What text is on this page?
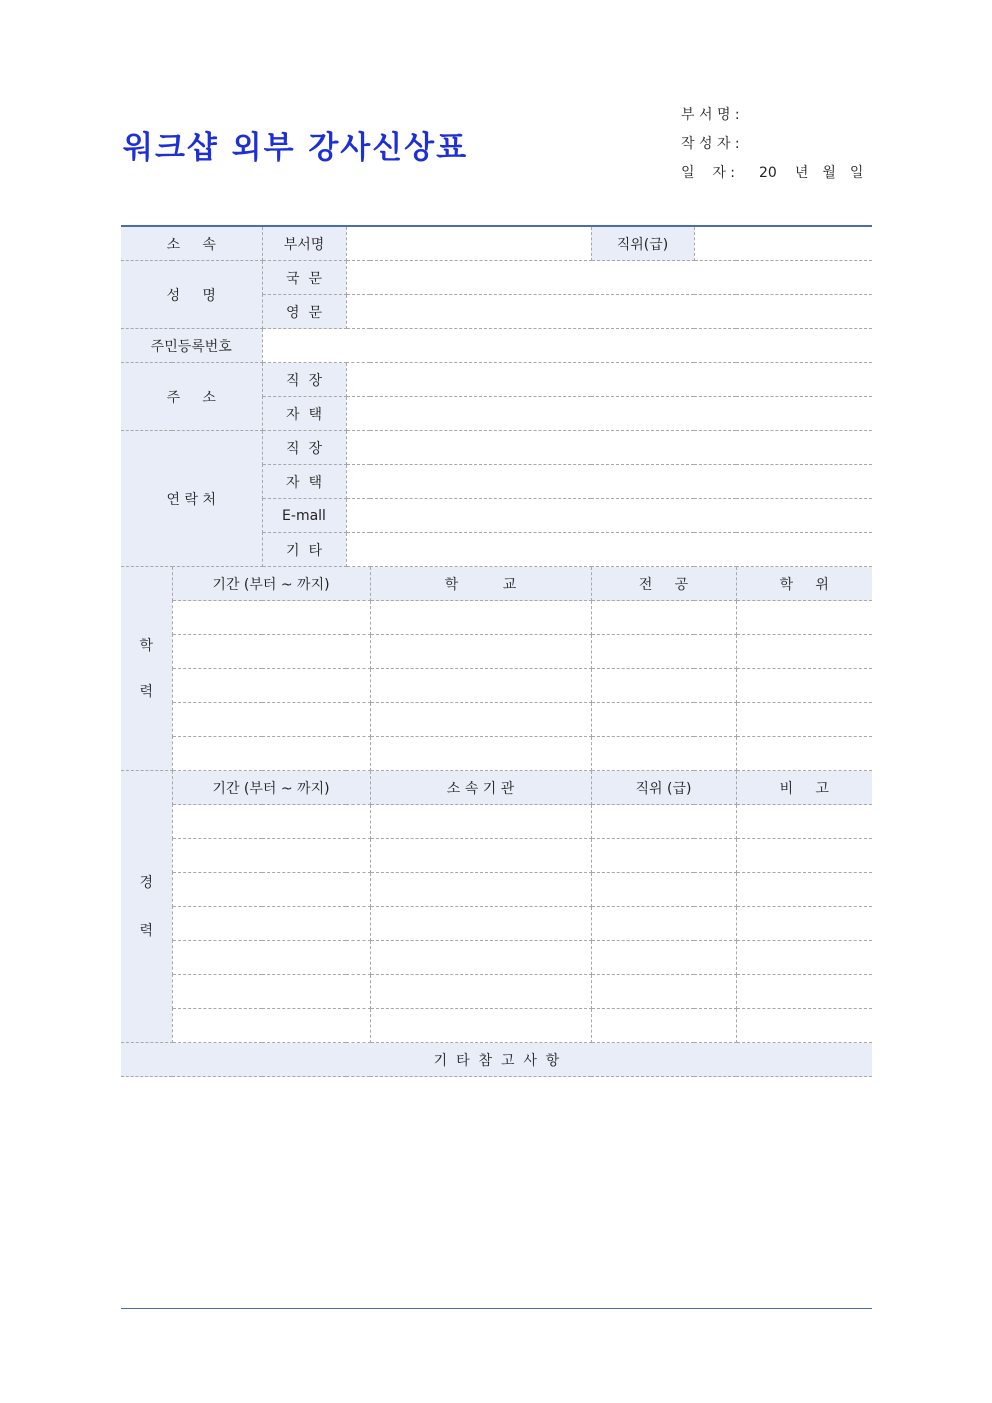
워크샵 외부 강사신상표
부 서 명 :
작 성 자 :
일    자 : 20 년 월 일
소     속		부서명			직위(급)		
성     명		국  문					
		영  문					
주민등록번호							
주     소		직  장					
		자  택					
연 락 처		직  장					
		자  택					
		E-mall					
		기  타					

학
력	기간 (부터 ~ 까지)			학          교	전     공		학     위

경
력	기간 (부터 ~ 까지)			소 속 기 관	직위 (급)		비     고

기  타  참  고  사  항							
